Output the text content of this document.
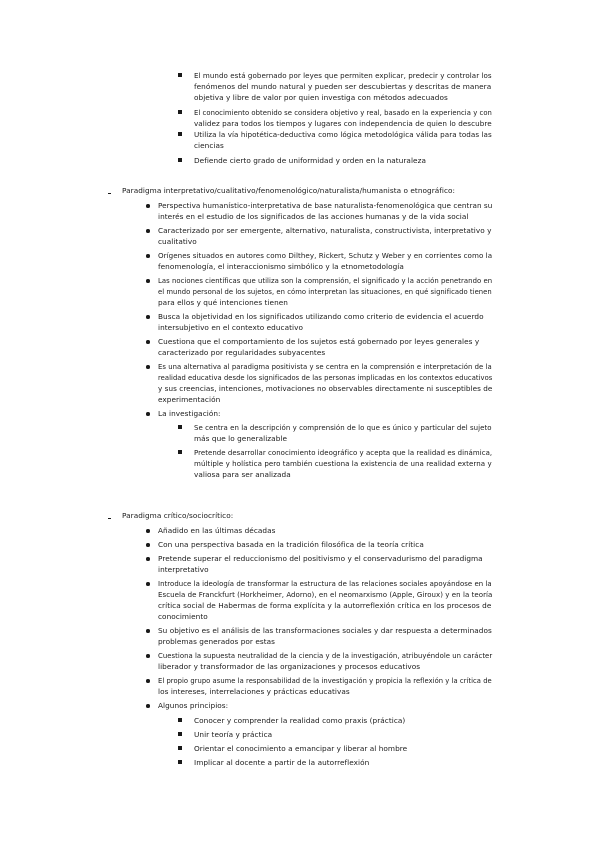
El mundo está gobernado por leyes que permiten explicar, predecir y controlar los
fenómenos del mundo natural y pueden ser descubiertas y descritas de manera
objetiva y libre de valor por quien investiga con métodos adecuados
El conocimiento obtenido se considera objetivo y real, basado en la experiencia y con
validez para todos los tiempos y lugares con independencia de quien lo descubre
Utiliza la vía hipotética-deductiva como lógica metodológica válida para todas las
ciencias
Defiende cierto grado de uniformidad y orden en la naturaleza
Paradigma interpretativo/cualitativo/fenomenológico/naturalista/humanista o etnográfico:
Perspectiva humanístico-interpretativa de base naturalista-fenomenológica que centran su
interés en el estudio de los significados de las acciones humanas y de la vida social
Caracterizado por ser emergente, alternativo, naturalista, constructivista, interpretativo y
cualitativo
Orígenes situados en autores como Dilthey, Rickert, Schutz y Weber y en corrientes como la
fenomenología, el interaccionismo simbólico y la etnometodología
Las nociones científicas que utiliza son la comprensión, el significado y la acción penetrando en
el mundo personal de los sujetos, en cómo interpretan las situaciones, en qué significado tienen
para ellos y qué intenciones tienen
Busca la objetividad en los significados utilizando como criterio de evidencia el acuerdo
intersubjetivo en el contexto educativo
Cuestiona que el comportamiento de los sujetos está gobernado por leyes generales y
caracterizado por regularidades subyacentes
Es una alternativa al paradigma positivista y se centra en la comprensión e interpretación de la
realidad educativa desde los significados de las personas implicadas en los contextos educativos
y sus creencias, intenciones, motivaciones no observables directamente ni susceptibles de
experimentación
La investigación:
Se centra en la descripción y comprensión de lo que es único y particular del sujeto
más que lo generalizable
Pretende desarrollar conocimiento ideográfico y acepta que la realidad es dinámica,
múltiple y holística pero también cuestiona la existencia de una realidad externa y
valiosa para ser analizada
Paradigma crítico/sociocrítico:
Añadido en las últimas décadas
Con una perspectiva basada en la tradición filosófica de la teoría crítica
Pretende superar el reduccionismo del positivismo y el conservadurismo del paradigma
interpretativo
Introduce la ideología de transformar la estructura de las relaciones sociales apoyándose en la
Escuela de Franckfurt (Horkheimer, Adorno), en el neomarxismo (Apple, Giroux) y en la teoría
crítica social de Habermas de forma explícita y la autorreflexión crítica en los procesos de
conocimiento
Su objetivo es el análisis de las transformaciones sociales y dar respuesta a determinados
problemas generados por estas
Cuestiona la supuesta neutralidad de la ciencia y de la investigación, atribuyéndole un carácter
liberador y transformador de las organizaciones y procesos educativos
El propio grupo asume la responsabilidad de la investigación y propicia la reflexión y la crítica de
los intereses, interrelaciones y prácticas educativas
Algunos principios:
Conocer y comprender la realidad como praxis (práctica)
Unir teoría y práctica
Orientar el conocimiento a emancipar y liberar al hombre
Implicar al docente a partir de la autorreflexión
